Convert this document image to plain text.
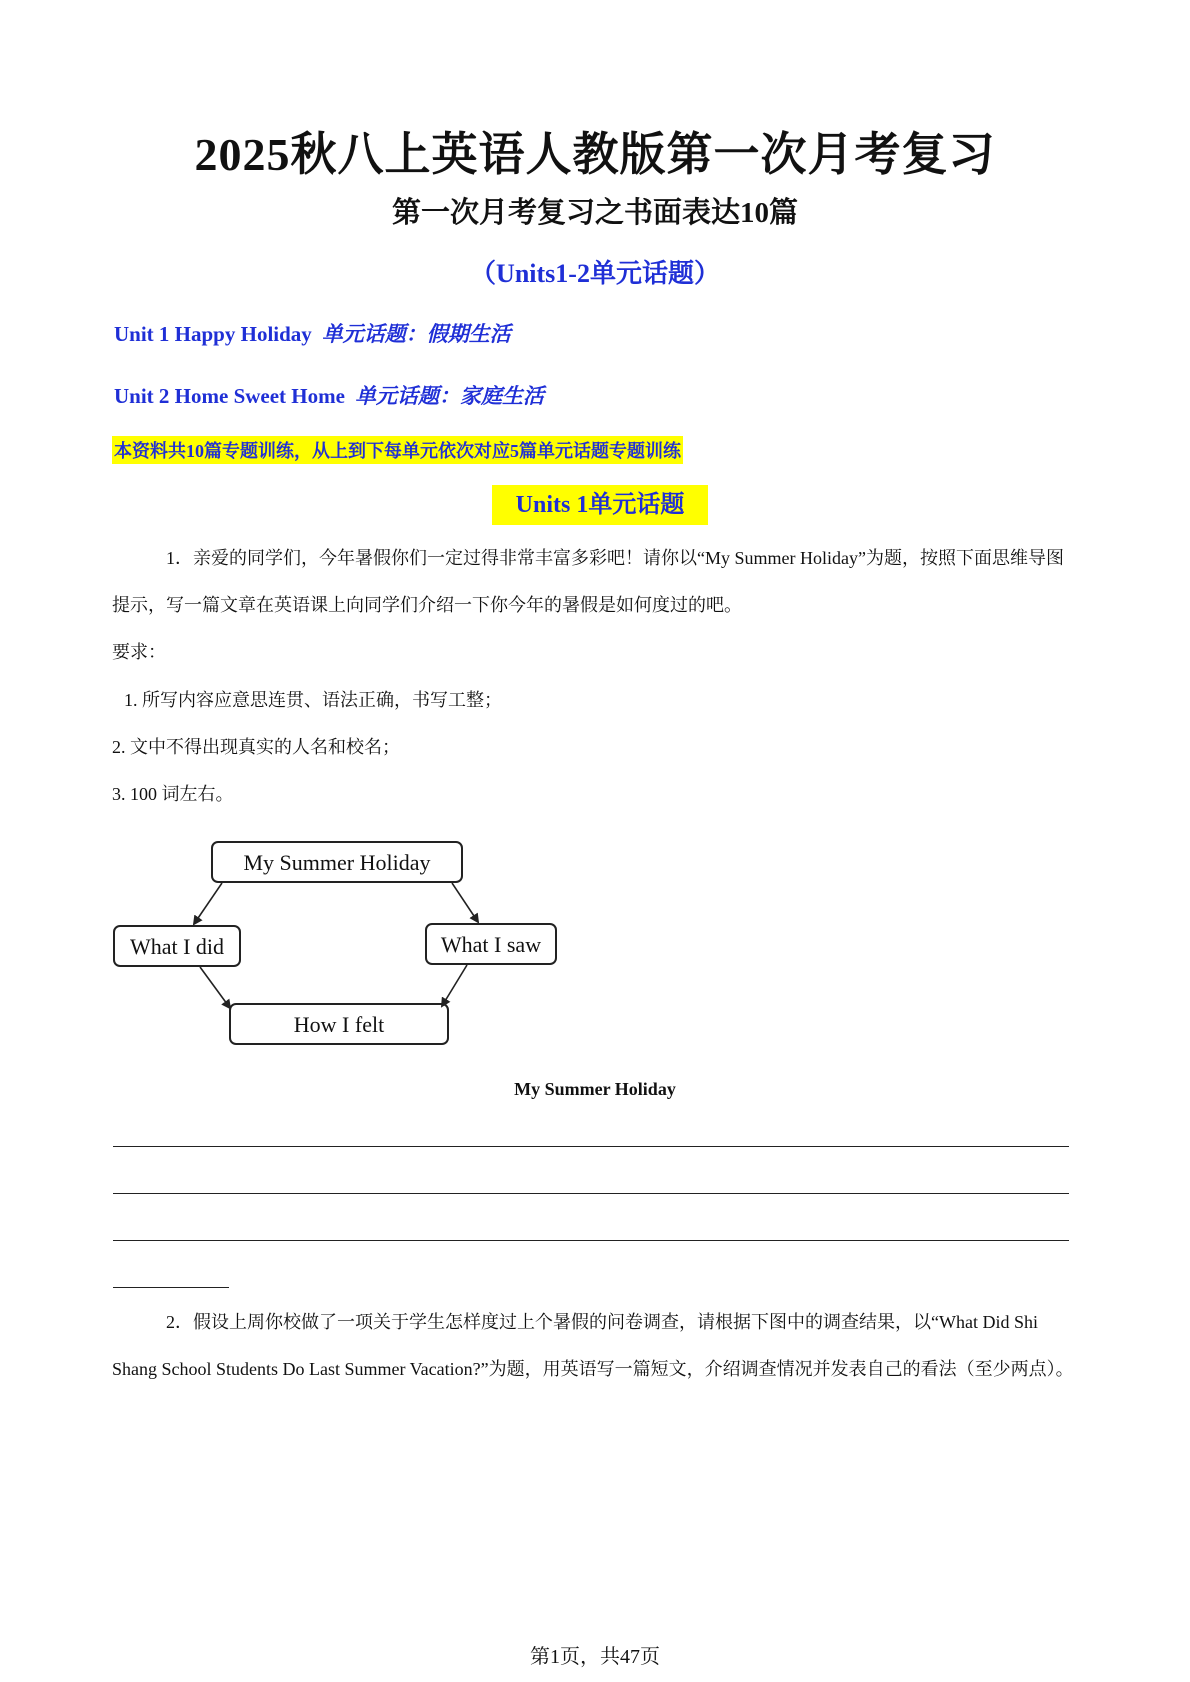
2025秋八上英语人教版第一次月考复习
第一次月考复习之书面表达10篇
（Units1-2单元话题）
Unit 1 Happy Holiday 单元话题：假期生活
Unit 2 Home Sweet Home 单元话题：家庭生活
本资料共10篇专题训练，从上到下每单元依次对应5篇单元话题专题训练
Units 1单元话题

1．亲爱的同学们，今年暑假你们一定过得非常丰富多彩吧！请你以“My Summer Holiday”为题，按照下面思维导图提示，写一篇文章在英语课上向同学们介绍一下你今年的暑假是如何度过的吧。

要求：
1. 所写内容应意思连贯、语法正确，书写工整；
2. 文中不得出现真实的人名和校名；
3. 100 词左右。
My Summer Holiday
What I did	What I saw
How I felt
My Summer Holiday

2．假设上周你校做了一项关于学生怎样度过上个暑假的问卷调查，请根据下图中的调查结果，以“What Did Shi Shang School Students Do Last Summer Vacation?”为题，用英语写一篇短文，介绍调查情况并发表自己的看法（至少两点）。

第1页，共47页
